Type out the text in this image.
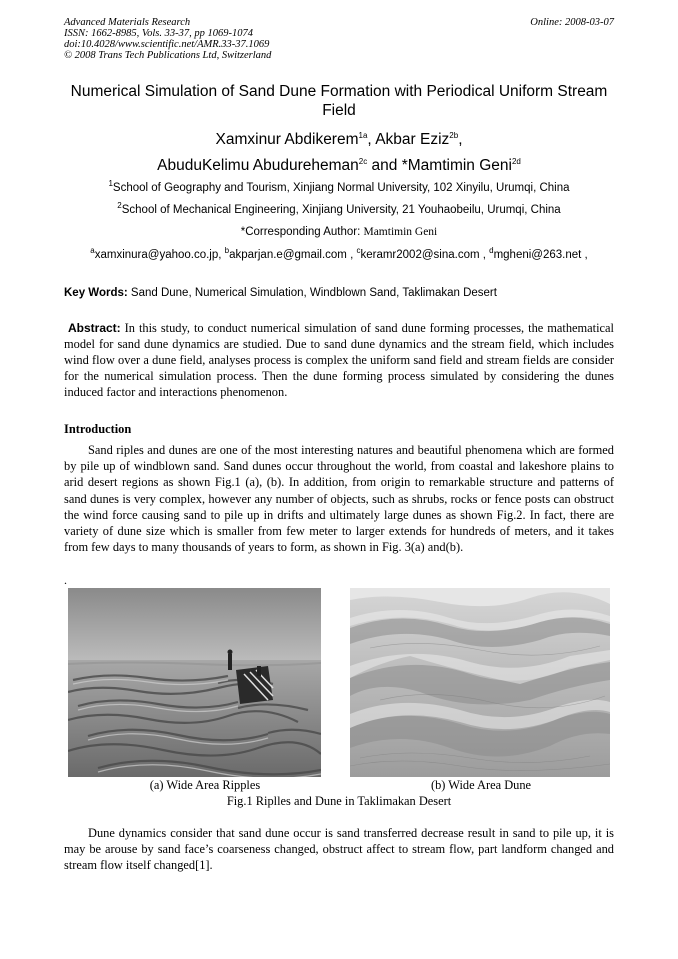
Advanced Materials Research
ISSN: 1662-8985, Vols. 33-37, pp 1069-1074
doi:10.4028/www.scientific.net/AMR.33-37.1069
© 2008 Trans Tech Publications Ltd, Switzerland
Online: 2008-03-07
Numerical Simulation of Sand Dune Formation with Periodical Uniform Stream
Field
Xamxinur Abdikerem$^{1a}$, Akbar Eziz$^{2b}$,
AbuduKelimu Abudureheman$^{2c}$ and *Mamtimin Geni$^{2d}$
$^1$School of Geography and Tourism, Xinjiang Normal University, 102 Xinyilu, Urumqi, China
$^2$School of Mechanical Engineering, Xinjiang University, 21 Youhaobeilu, Urumqi, China
*Corresponding Author: Mamtimin Geni
$^a$xamxinura@yahoo.co.jp, $^b$akparjan.e@gmail.com , $^c$keramr2002@sina.com , $^d$mgheni@263.net ,
Key Words: Sand Dune, Numerical Simulation, Windblown Sand, Taklimakan Desert
Abstract: In this study, to conduct numerical simulation of sand dune forming processes, the mathematical model for sand dune dynamics are studied. Due to sand dune dynamics and the stream field, which includes wind flow over a dune field, analyses process is complex the uniform sand field and stream fields are consider for the numerical simulation process. Then the dune forming process simulated by considering the dunes induced factor and interactions phenomenon.
Introduction
Sand riples and dunes are one of the most interesting natures and beautiful phenomena which are formed by pile up of windblown sand. Sand dunes occur throughout the world, from coastal and lakeshore plains to arid desert regions as shown Fig.1 (a), (b). In addition, from origin to remarkable structure and patterns of sand dunes is very complex, however any number of objects, such as shrubs, rocks or fence posts can obstruct the wind force causing sand to pile up in drifts and ultimately large dunes as shown Fig.2. In fact, there are variety of dune size which is smaller from few meter to larger extends for hundreds of meters, and it takes from few days to many thousands of years to form, as shown in Fig. 3(a) and(b).
.
(a) Wide Area Ripples	(b) Wide Area Dune
Fig.1 Riplles and Dune in Taklimakan Desert
Dune dynamics consider that sand dune occur is sand transferred decrease result in sand to pile up, it is may be arouse by sand face’s coarseness changed, obstruct affect to stream flow, part landform changed and stream flow itself changed[1].
